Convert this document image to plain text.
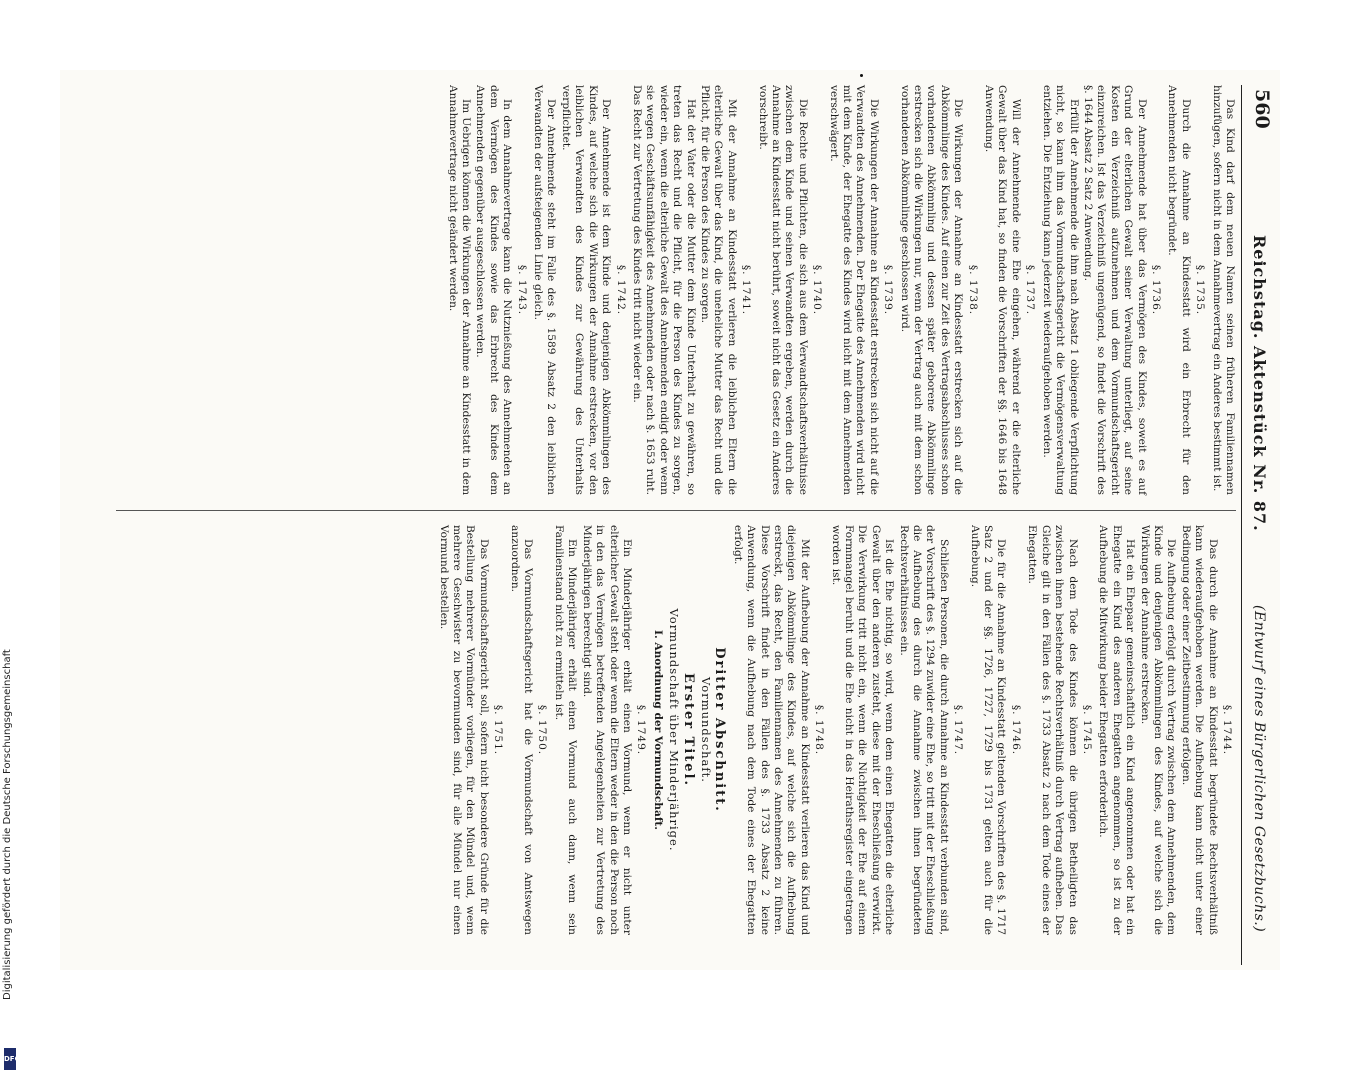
Digitalisierung gefördert durch die Deutsche Forschungsgemeinschaft
DFG
560
Reichstag. Aktenstück Nr. 87.
(Entwurf eines Bürgerlichen Gesetzbuchs.)

Das Kind darf dem neuen Namen seinen früheren Familiennamen hinzufügen, sofern nicht in dem Annahmevertrag ein Anderes bestimmt ist.

§. 1735.

Durch die Annahme an Kindesstatt wird ein Erbrecht für den Annehmenden nicht begründet.

§. 1736.

Der Annehmende hat über das Vermögen des Kindes, soweit es auf Grund der elterlichen Gewalt seiner Verwaltung unterliegt, auf seine Kosten ein Verzeichniß aufzunehmen und dem Vormundschaftsgericht einzureichen. Ist das Verzeichniß ungenügend, so findet die Vorschrift des §. 1644 Absatz 2 Satz 2 Anwendung.

Erfüllt der Annehmende die ihm nach Absatz 1 obliegende Verpflichtung nicht, so kann ihm das Vormundschaftsgericht die Vermögensverwaltung entziehen. Die Entziehung kann jederzeit wiederaufgehoben werden.

§. 1737.

Will der Annehmende eine Ehe eingehen, während er die elterliche Gewalt über das Kind hat, so finden die Vorschriften der §§. 1646 bis 1648 Anwendung.

§. 1738.

Die Wirkungen der Annahme an Kindesstatt erstrecken sich auf die Abkömmlinge des Kindes. Auf einen zur Zeit des Vertragsabschlusses schon vorhandenen Abkömmling und dessen später geborene Abkömmlinge erstrecken sich die Wirkungen nur, wenn der Vertrag auch mit dem schon vorhandenen Abkömmlinge geschlossen wird.

§. 1739.

Die Wirkungen der Annahme an Kindesstatt erstrecken sich nicht auf die Verwandten des Annehmenden. Der Ehegatte des Annehmenden wird nicht mit dem Kinde, der Ehegatte des Kindes wird nicht mit dem Annehmenden verschwägert.

§. 1740.

Die Rechte und Pflichten, die sich aus dem Verwandtschaftsverhältnisse zwischen dem Kinde und seinen Verwandten ergeben, werden durch die Annahme an Kindesstatt nicht berührt, soweit nicht das Gesetz ein Anderes vorschreibt.

§. 1741.

Mit der Annahme an Kindesstatt verlieren die leiblichen Eltern die elterliche Gewalt über das Kind, die uneheliche Mutter das Recht und die Pflicht, für die Person des Kindes zu sorgen.

Hat der Vater oder die Mutter dem Kinde Unterhalt zu gewähren, so treten das Recht und die Pflicht, für die Person des Kindes zu sorgen, wieder ein, wenn die elterliche Gewalt des Annehmenden endigt oder wenn sie wegen Geschäftsunfähigkeit des Annehmenden oder nach §. 1653 ruht. Das Recht zur Vertretung des Kindes tritt nicht wieder ein.

§. 1742.

Der Annehmende ist dem Kinde und denjenigen Abkömmlingen des Kindes, auf welche sich die Wirkungen der Annahme erstrecken, vor den leiblichen Verwandten des Kindes zur Gewährung des Unterhalts verpflichtet.

Der Annehmende steht im Falle des §. 1589 Absatz 2 den leiblichen Verwandten der aufsteigenden Linie gleich.

§. 1743.

In dem Annahmevertrage kann die Nutznießung des Annehmenden an dem Vermögen des Kindes sowie das Erbrecht des Kindes dem Annehmenden gegenüber ausgeschlossen werden.

Im Uebrigen können die Wirkungen der Annahme an Kindesstatt in dem Annahmevertrage nicht geändert werden.

§. 1744.

Das durch die Annahme an Kindesstatt begründete Rechtsverhältniß kann wiederaufgehoben werden. Die Aufhebung kann nicht unter einer Bedingung oder einer Zeitbestimmung erfolgen.

Die Aufhebung erfolgt durch Vertrag zwischen dem Annehmenden, dem Kinde und denjenigen Abkömmlingen des Kindes, auf welche sich die Wirkungen der Annahme erstrecken.

Hat ein Ehepaar gemeinschaftlich ein Kind angenommen oder hat ein Ehegatte ein Kind des anderen Ehegatten angenommen, so ist zu der Aufhebung die Mitwirkung beider Ehegatten erforderlich.

§. 1745.

Nach dem Tode des Kindes können die übrigen Betheiligten das zwischen ihnen bestehende Rechtsverhältniß durch Vertrag aufheben. Das Gleiche gilt in den Fällen des §. 1733 Absatz 2 nach dem Tode eines der Ehegatten.

§. 1746.

Die für die Annahme an Kindesstatt geltenden Vorschriften des §. 1717 Satz 2 und der §§. 1726, 1727, 1729 bis 1731 gelten auch für die Aufhebung.

§. 1747.

Schließen Personen, die durch Annahme an Kindesstatt verbunden sind, der Vorschrift des §. 1294 zuwider eine Ehe, so tritt mit der Eheschließung die Aufhebung des durch die Annahme zwischen ihnen begründeten Rechtsverhältnisses ein.

Ist die Ehe nichtig, so wird, wenn dem einen Ehegatten die elterliche Gewalt über den anderen zusteht, diese mit der Eheschließung verwirkt. Die Verwirkung tritt nicht ein, wenn die Nichtigkeit der Ehe auf einem Formmangel beruht und die Ehe nicht in das Heirathsregister eingetragen worden ist.

§. 1748.

Mit der Aufhebung der Annahme an Kindesstatt verlieren das Kind und diejenigen Abkömmlinge des Kindes, auf welche sich die Aufhebung erstreckt, das Recht, den Familiennamen des Annehmenden zu führen. Diese Vorschrift findet in den Fällen des §. 1733 Absatz 2 keine Anwendung, wenn die Aufhebung nach dem Tode eines der Ehegatten erfolgt.

Dritter Abschnitt.
Vormundschaft.
Erster Titel.
Vormundschaft über Minderjährige.
I. Anordnung der Vormundschaft.
§. 1749.

Ein Minderjähriger erhält einen Vormund, wenn er nicht unter elterlicher Gewalt steht oder wenn die Eltern weder in den die Person noch in den das Vermögen betreffenden Angelegenheiten zur Vertretung des Minderjährigen berechtigt sind.

Ein Minderjähriger erhält einen Vormund auch dann, wenn sein Familienstand nicht zu ermitteln ist.

§. 1750.

Das Vormundschaftsgericht hat die Vormundschaft von Amtswegen anzuordnen.

§. 1751.

Das Vormundschaftsgericht soll, sofern nicht besondere Gründe für die Bestellung mehrerer Vormünder vorliegen, für den Mündel und, wenn mehrere Geschwister zu bevormunden sind, für alle Mündel nur einen Vormund bestellen.
